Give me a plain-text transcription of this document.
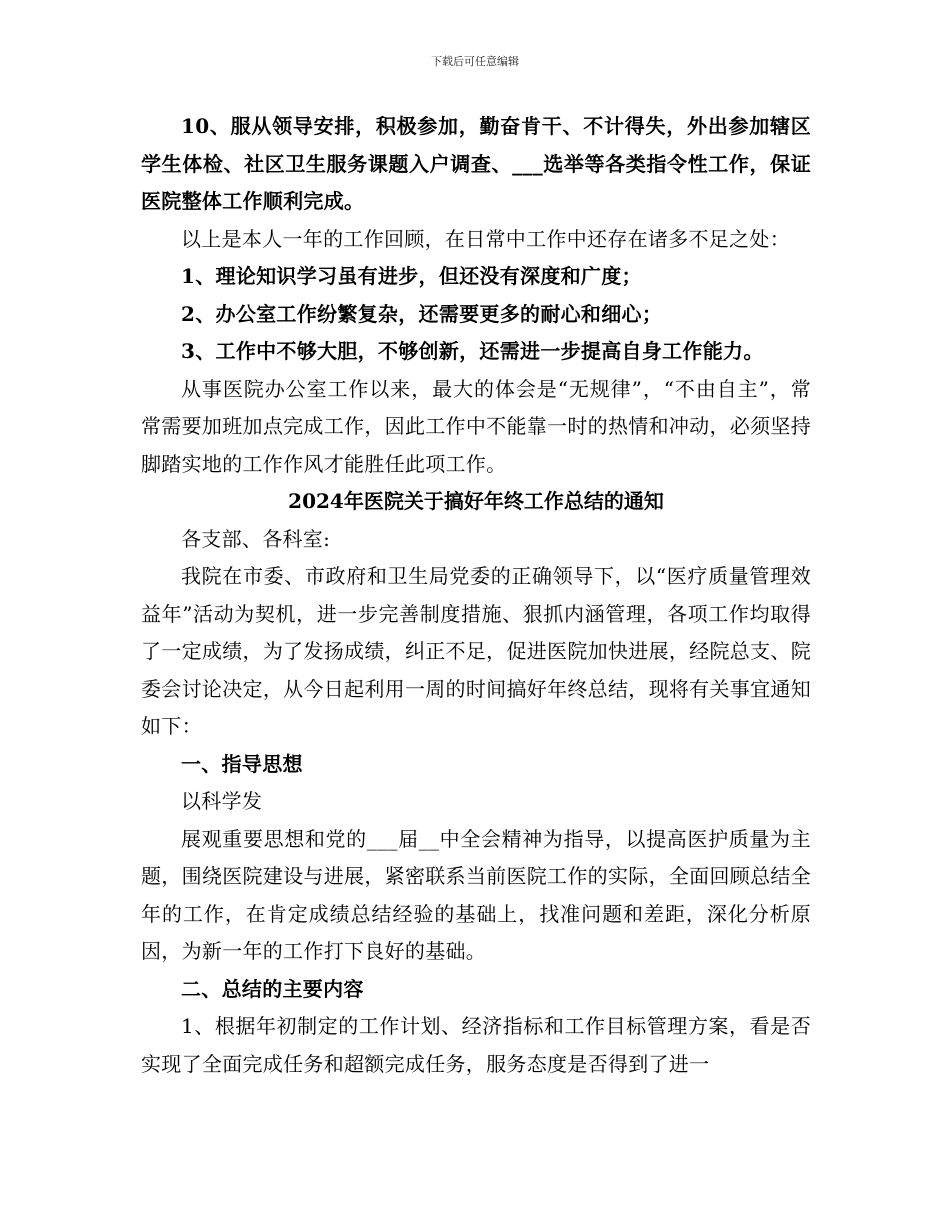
下载后可任意编辑

10、服从领导安排，积极参加，勤奋肯干、不计得失，外出参加辖区学生体检、社区卫生服务课题入户调查、___选举等各类指令性工作，保证医院整体工作顺利完成。

以上是本人一年的工作回顾，在日常中工作中还存在诸多不足之处：

1、理论知识学习虽有进步，但还没有深度和广度；

2、办公室工作纷繁复杂，还需要更多的耐心和细心；

3、工作中不够大胆，不够创新，还需进一步提高自身工作能力。

从事医院办公室工作以来，最大的体会是“无规律”，“不由自主”，常常需要加班加点完成工作，因此工作中不能靠一时的热情和冲动，必须坚持脚踏实地的工作作风才能胜任此项工作。

2024年医院关于搞好年终工作总结的通知

各支部、各科室:

我院在市委、市政府和卫生局党委的正确领导下，以“医疗质量管理效益年”活动为契机，进一步完善制度措施、狠抓内涵管理，各项工作均取得了一定成绩，为了发扬成绩，纠正不足，促进医院加快进展，经院总支、院委会讨论决定，从今日起利用一周的时间搞好年终总结，现将有关事宜通知如下：

一、指导思想

以科学发

展观重要思想和党的___届__中全会精神为指导，以提高医护质量为主题，围绕医院建设与进展，紧密联系当前医院工作的实际，全面回顾总结全年的工作，在肯定成绩总结经验的基础上，找准问题和差距，深化分析原因，为新一年的工作打下良好的基础。

二、总结的主要内容

1、根据年初制定的工作计划、经济指标和工作目标管理方案，看是否实现了全面完成任务和超额完成任务，服务态度是否得到了进一
